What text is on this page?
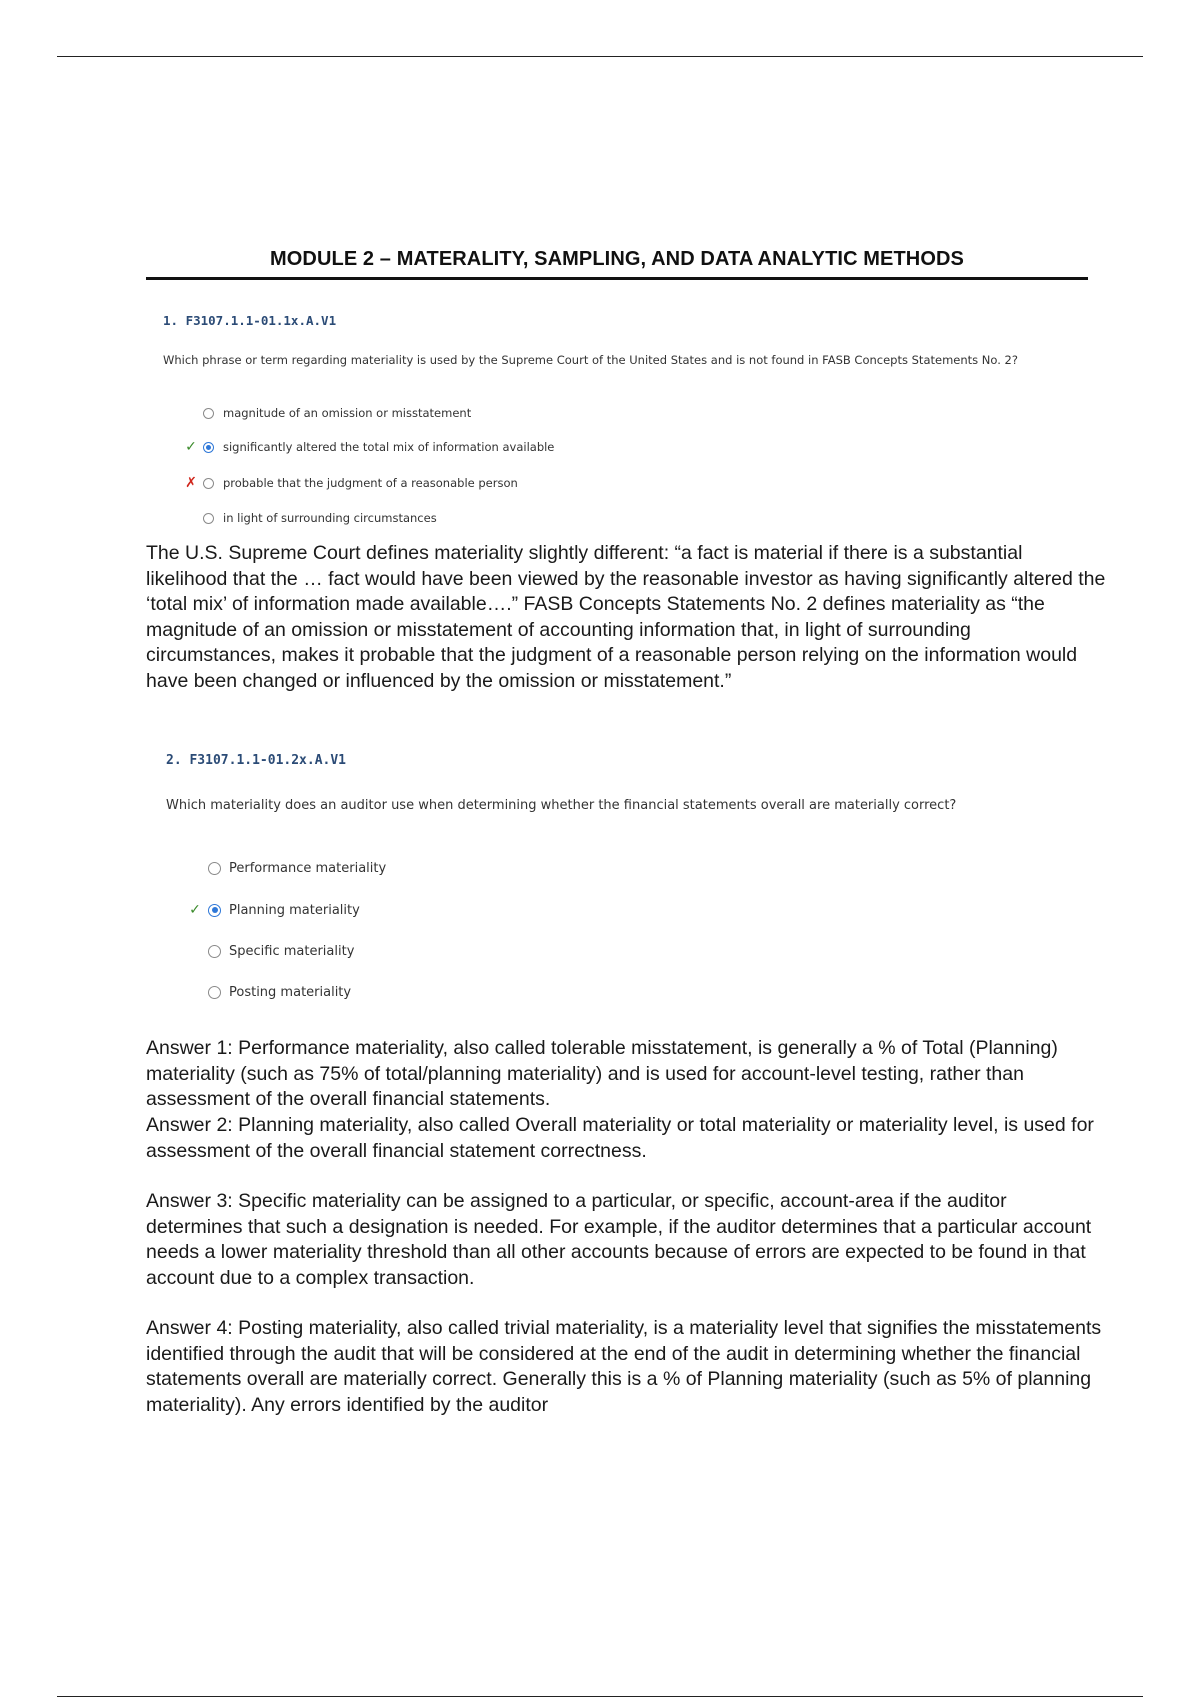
MODULE 2 – MATERALITY, SAMPLING, AND DATA ANALYTIC METHODS
1. F3107.1.1-01.1x.A.V1
Which phrase or term regarding materiality is used by the Supreme Court of the United States and is not found in FASB Concepts Statements No. 2?
magnitude of an omission or misstatement
✓ significantly altered the total mix of information available
✗ probable that the judgment of a reasonable person
in light of surrounding circumstances

The U.S. Supreme Court defines materiality slightly different: “a fact is material if there is a substantial likelihood that the … fact would have been viewed by the reasonable investor as having significantly altered the ‘total mix’ of information made available….” FASB Concepts Statements No. 2 defines materiality as “the magnitude of an omission or misstatement of accounting information that, in light of surrounding circumstances, makes it probable that the judgment of a reasonable person relying on the information would have been changed or influenced by the omission or misstatement.”

2. F3107.1.1-01.2x.A.V1
Which materiality does an auditor use when determining whether the financial statements overall are materially correct?
Performance materiality
✓ Planning materiality
Specific materiality
Posting materiality

Answer 1: Performance materiality, also called tolerable misstatement, is generally a % of Total (Planning) materiality (such as 75% of total/planning materiality) and is used for account-level testing, rather than assessment of the overall financial statements.

Answer 2: Planning materiality, also called Overall materiality or total materiality or materiality level, is used for assessment of the overall financial statement correctness.

Answer 3: Specific materiality can be assigned to a particular, or specific, account-area if the auditor determines that such a designation is needed. For example, if the auditor determines that a particular account needs a lower materiality threshold than all other accounts because of errors are expected to be found in that account due to a complex transaction.

Answer 4: Posting materiality, also called trivial materiality, is a materiality level that signifies the misstatements identified through the audit that will be considered at the end of the audit in determining whether the financial statements overall are materially correct. Generally this is a % of Planning materiality (such as 5% of planning materiality). Any errors identified by the auditor
